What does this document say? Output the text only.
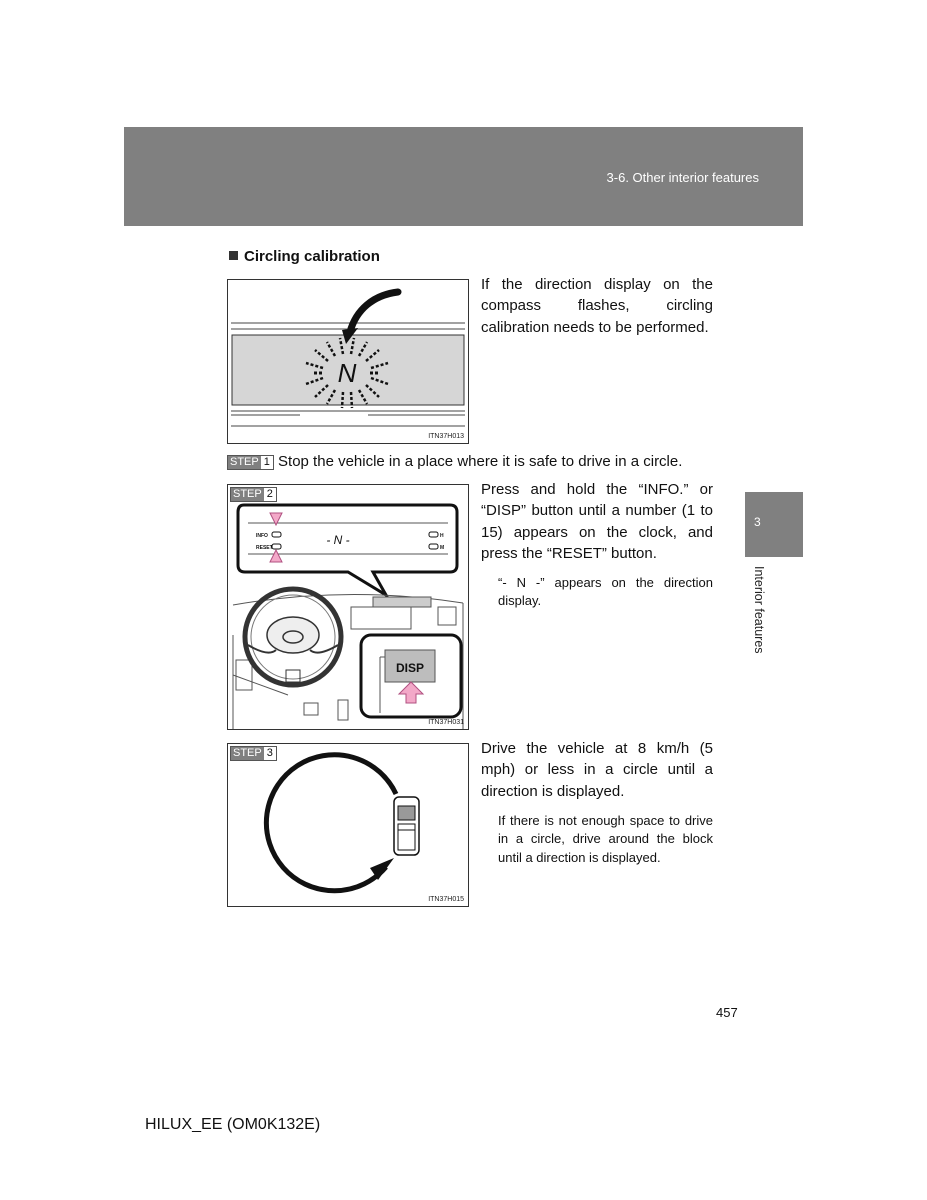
3-6. Other interior features
3
Interior features
Circling calibration
N
ITN37H013
If the direction display on the compass flashes, circling calibration needs to be performed.
STEP 1 Stop the vehicle in a place where it is safe to drive in a circle.
INFO
RESET
- N -	H
M
DISP
STEP 2
ITN37H031
Press and hold the “INFO.” or “DISP” button until a number (1 to 15) appears on the clock, and press the “RESET” button.
“- N -” appears on the direction display.
STEP 3
ITN37H015
Drive the vehicle at 8 km/h (5 mph) or less in a circle until a direction is displayed.
If there is not enough space to drive in a circle, drive around the block until a direction is displayed.
457
HILUX_EE (OM0K132E)
